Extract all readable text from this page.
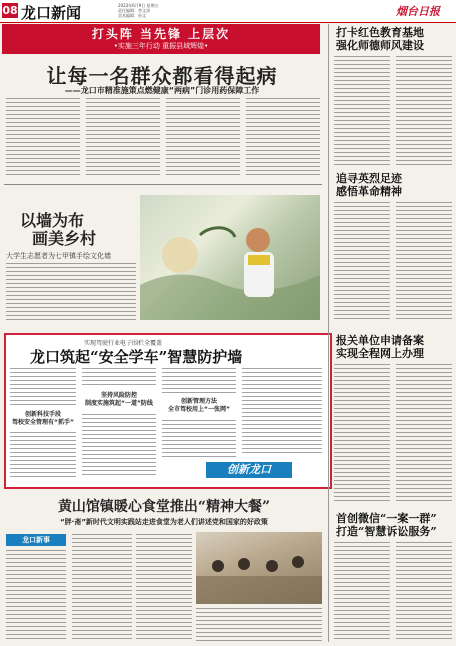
08 龙口新闻	2023年6月9日 星期五
责任编辑：李文涛
美术编辑：孙文	烟台日报
打头阵 当先锋 上层次
•实施三年行动 重振县域辉煌•
让每一名群众都看得起病
——龙口市精准施策点燃健康“两病”门诊用药保障工作
以墙为布
画美乡村
大学生志愿者为七甲镇手绘文化墙
实现驾驶行业电子围栏全覆盖
龙口筑起“安全学车”智慧防护墙
创新科技手段
驾校安全管理有“抓手”
坚持风险防控
制度实施筑起“一道”防线	创新管理方法
全市驾校用上“一张网”
创新龙口
黄山馆镇暖心食堂推出“精神大餐”
“胖·斋”新时代文明实践站走进食堂为老人们讲述党和国家的好政策
龙口新事
打卡红色教育基地
强化师德师风建设
追寻英烈足迹
感悟革命精神
报关单位申请备案
实现全程网上办理
首创微信“一案一群”
打造“智慧诉讼服务”
